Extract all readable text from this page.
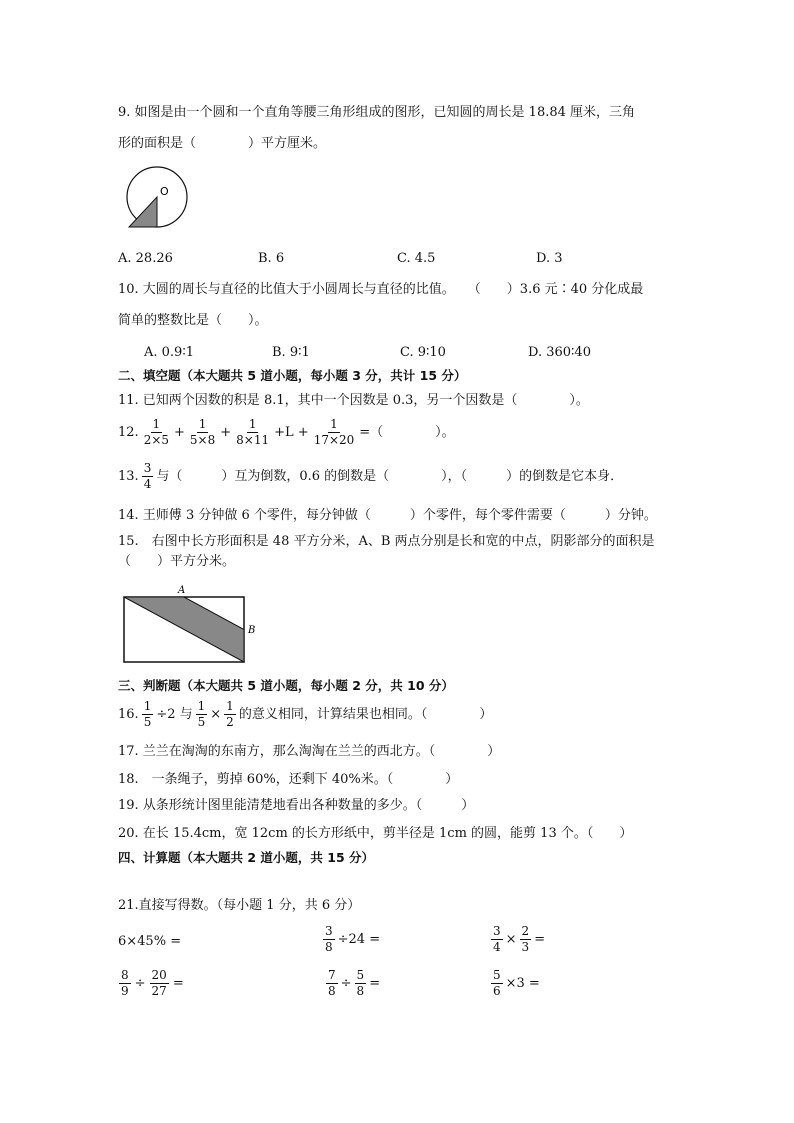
9. 如图是由一个圆和一个直角等腰三角形组成的图形，已知圆的周长是 18.84 厘米，三角
形的面积是（　　　　）平方厘米。
O
A. 28.26	B. 6	C. 4.5	D. 3
10. 大圆的周长与直径的比值大于小圆周长与直径的比值。　　（　　）3.6 元∶40 分化成最
简单的整数比是（　　）。
A. 0.9∶1	B. 9∶1	C. 9∶10	D. 360∶40
二、填空题（本大题共 5 道小题，每小题 3 分，共计 15 分）
11. 已知两个因数的积是 8.1，其中一个因数是 0.3，另一个因数是（　　　　）。
12. $\frac{1}{2\times 5} + \frac{1}{5\times 8} + \frac{1}{8\times 11} +L + \frac{1}{17\times 20}$ =（　　　　）。
13. $\frac{3}{4}$ 与（　　　）互为倒数，0.6 的倒数是（　　　　），（　　　）的倒数是它本身．
14. 王师傅 3 分钟做 6 个零件，每分钟做（　　　）个零件，每个零件需要（　　　）分钟。
15.　右图中长方形面积是 48 平方分米，A、B 两点分别是长和宽的中点，阴影部分的面积是
（　　）平方分米。
A
B
三、判断题（本大题共 5 道小题，每小题 2 分，共 10 分）
16. $\frac{1}{5} \div 2$ 与 $\frac{1}{5} \times \frac{1}{2}$ 的意义相同，计算结果也相同。（　　　　）
17. 兰兰在淘淘的东南方，那么淘淘在兰兰的西北方。（　　　　）
18.　一条绳子，剪掉 60%，还剩下 40%米。（　　　　）
19. 从条形统计图里能清楚地看出各种数量的多少。（　　　）
20. 在长 15.4cm，宽 12cm 的长方形纸中，剪半径是 1cm 的圆，能剪 13 个。（　　）
四、计算题（本大题共 2 道小题，共 15 分）
21.直接写得数。（每小题 1 分，共 6 分）
6×45% =	$\frac{3}{8} \div 24$ =	$\frac{3}{4} \times \frac{2}{3}$ =
$\frac{8}{9} \div \frac{20}{27}$ =	$\frac{7}{8} \div \frac{5}{8}$ =	$\frac{5}{6} \times 3$ =
